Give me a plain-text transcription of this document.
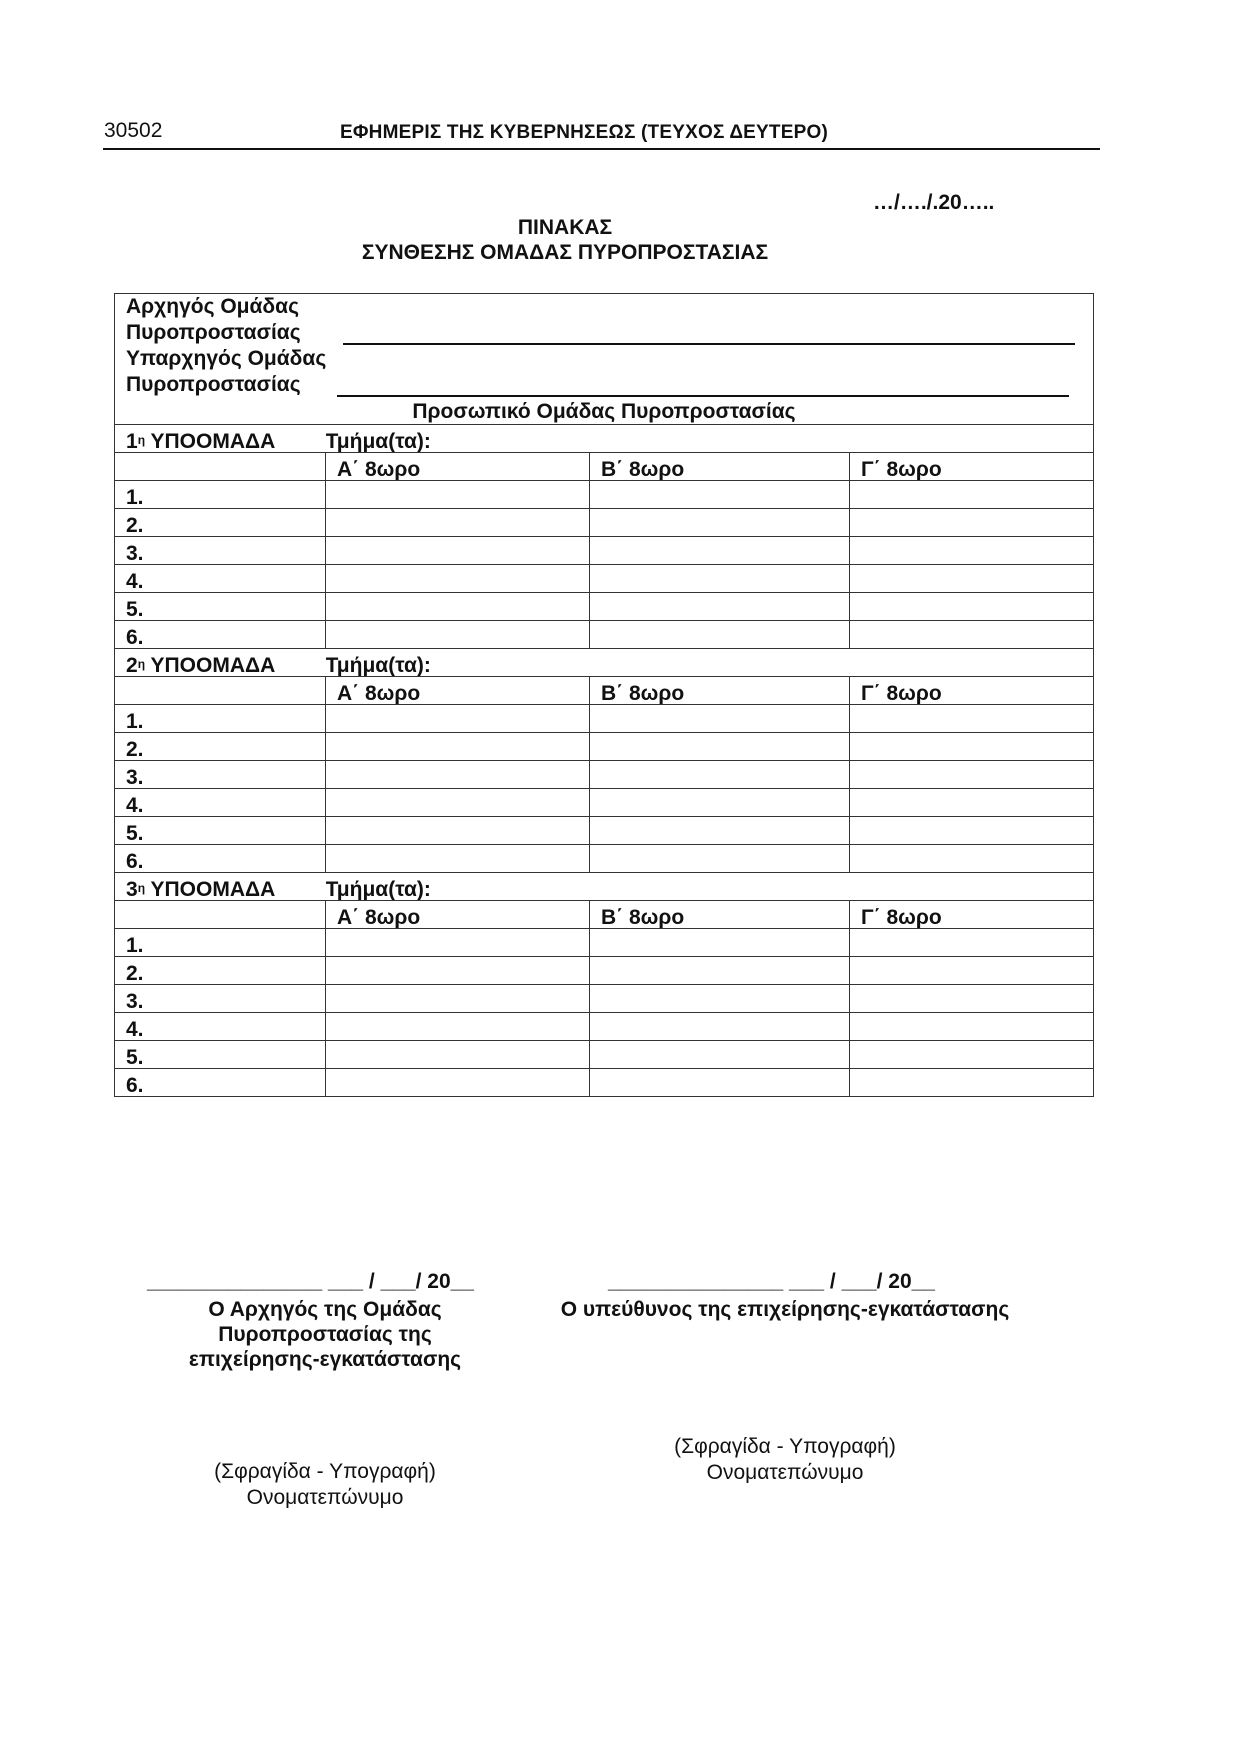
30502	ΕΦΗΜΕΡΙΣ ΤΗΣ ΚΥΒΕΡΝΗΣΕΩΣ (ΤΕΥΧΟΣ ΔΕΥΤΕΡΟ)
…/…./.20…..
ΠΙΝΑΚΑΣ
ΣΥΝΘΕΣΗΣ ΟΜΑΔΑΣ ΠΥΡΟΠΡΟΣΤΑΣΙΑΣ
Αρχηγός Ομάδας
Πυροπροστασίας
Υπαρχηγός Ομάδας
Πυροπροστασίας
Προσωπικό Ομάδας Πυροπροστασίας			

$1^\eta$ ΥΠΟΟΜΑΔΑ	Τμήμα(τα):		
	Α΄ 8ωρο	Β΄ 8ωρο	Γ΄ 8ωρο
1.			
2.			
3.			
4.			
5.			
6.			
$2^\eta$ ΥΠΟΟΜΑΔΑ	Τμήμα(τα):		
	Α΄ 8ωρο	Β΄ 8ωρο	Γ΄ 8ωρο
1.			
2.			
3.			
4.			
5.			
6.			
$3^\eta$ ΥΠΟΟΜΑΔΑ	Τμήμα(τα):		
	Α΄ 8ωρο	Β΄ 8ωρο	Γ΄ 8ωρο
1.			
2.			
3.			
4.			
5.			
6.			
_______________ ___ / ___/ 20__
Ο Αρχηγός της Ομάδας
Πυροπροστασίας της
επιχείρησης-εγκατάστασης
(Σφραγίδα - Υπογραφή)
Ονοματεπώνυμο
_______________ ___ / ___/ 20__
Ο υπεύθυνος της επιχείρησης-εγκατάστασης
(Σφραγίδα - Υπογραφή)
Ονοματεπώνυμο
